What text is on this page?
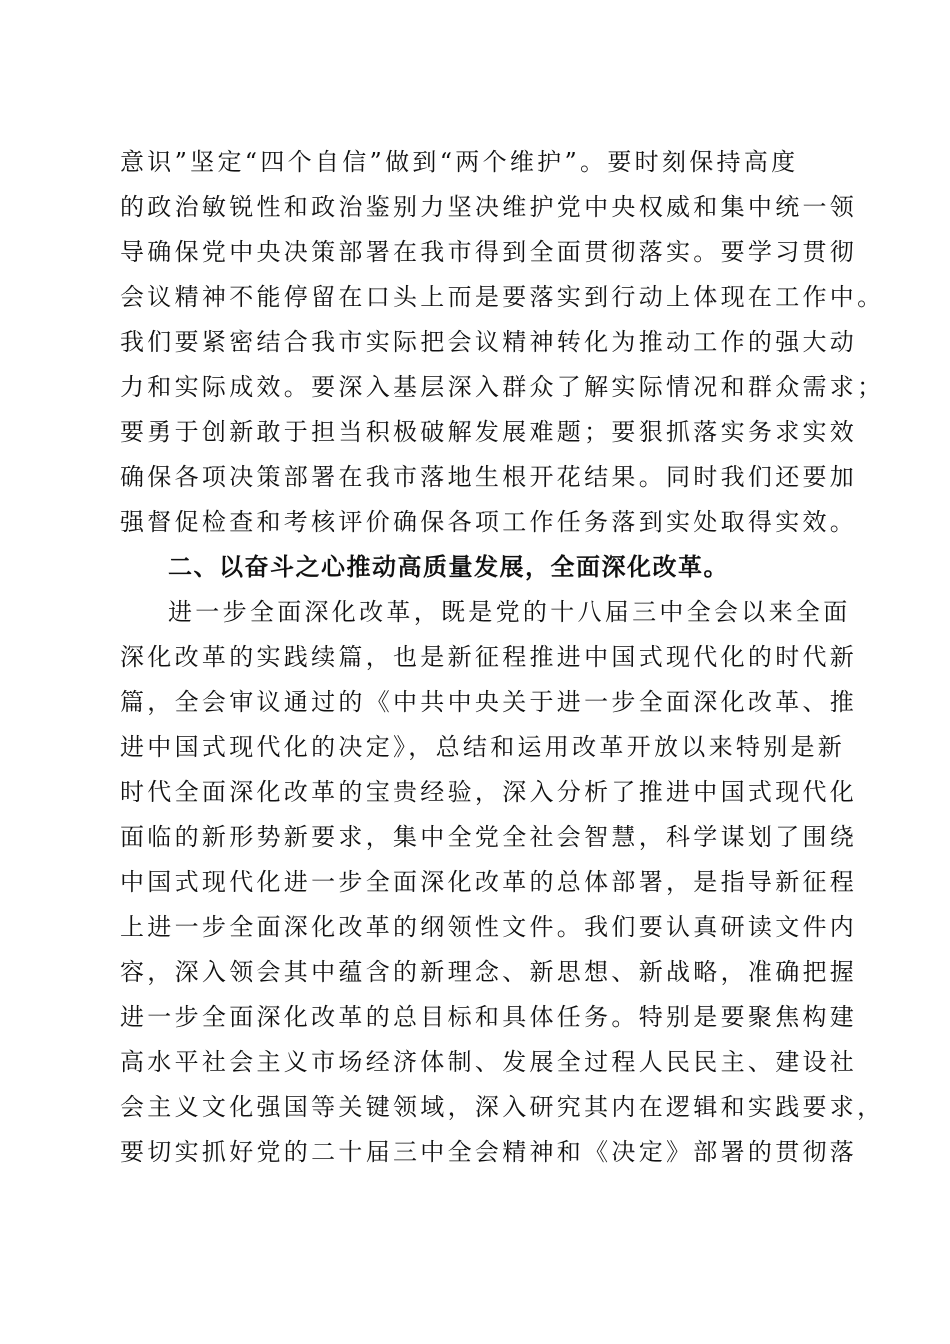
意识”坚定“四个自信”做到“两个维护”。要时刻保持高度
的政治敏锐性和政治鉴别力坚决维护党中央权威和集中统一领
导确保党中央决策部署在我市得到全面贯彻落实。要学习贯彻
会议精神不能停留在口头上而是要落实到行动上体现在工作中。
我们要紧密结合我市实际把会议精神转化为推动工作的强大动
力和实际成效。要深入基层深入群众了解实际情况和群众需求；
要勇于创新敢于担当积极破解发展难题；要狠抓落实务求实效
确保各项决策部署在我市落地生根开花结果。同时我们还要加
强督促检查和考核评价确保各项工作任务落到实处取得实效。
二、以奋斗之心推动高质量发展，全面深化改革。
进一步全面深化改革，既是党的十八届三中全会以来全面
深化改革的实践续篇，也是新征程推进中国式现代化的时代新
篇，全会审议通过的《中共中央关于进一步全面深化改革、推
进中国式现代化的决定》，总结和运用改革开放以来特别是新
时代全面深化改革的宝贵经验，深入分析了推进中国式现代化
面临的新形势新要求，集中全党全社会智慧，科学谋划了围绕
中国式现代化进一步全面深化改革的总体部署，是指导新征程
上进一步全面深化改革的纲领性文件。我们要认真研读文件内
容，深入领会其中蕴含的新理念、新思想、新战略，准确把握
进一步全面深化改革的总目标和具体任务。特别是要聚焦构建
高水平社会主义市场经济体制、发展全过程人民民主、建设社
会主义文化强国等关键领域，深入研究其内在逻辑和实践要求，
要切实抓好党的二十届三中全会精神和《决定》部署的贯彻落
